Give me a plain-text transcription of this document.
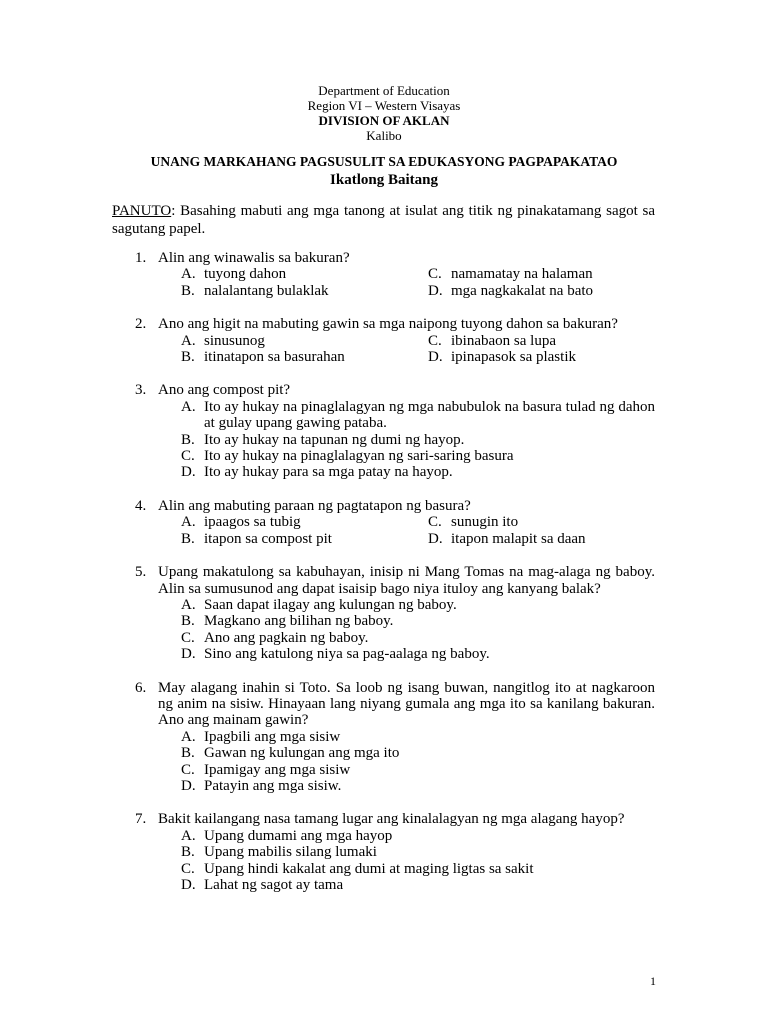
Department of Education
Region VI – Western Visayas
DIVISION OF AKLAN
Kalibo
UNANG MARKAHANG PAGSUSULIT SA EDUKASYONG PAGPAPAKATAO
Ikatlong Baitang
PANUTO: Basahing mabuti ang mga tanong at isulat ang titik ng pinakatamang sagot sa sagutang papel.
1. Alin ang winawalis sa bakuran?
A. tuyong dahon	C. namamatay na halaman
B. nalalantang bulaklak	D. mga nagkakalat na bato
2. Ano ang higit na mabuting gawin sa mga naipong tuyong dahon sa bakuran?
A. sinusunog	C. ibinabaon sa lupa
B. itinatapon sa basurahan	D. ipinapasok sa plastik
3. Ano ang compost pit?
A. Ito ay hukay na pinaglalagyan ng mga nabubulok na basura tulad ng dahon at gulay upang gawing pataba.
B. Ito ay hukay na tapunan ng dumi ng hayop.
C. Ito ay hukay na pinaglalagyan ng sari-saring basura
D. Ito ay hukay para sa mga patay na hayop.
4. Alin ang mabuting paraan ng pagtatapon ng basura?
A. ipaagos sa tubig	C. sunugin ito
B. itapon sa compost pit	D. itapon malapit sa daan
5. Upang makatulong sa kabuhayan, inisip ni Mang Tomas na mag-alaga ng baboy. Alin sa sumusunod ang dapat isaisip bago niya ituloy ang kanyang balak?
A. Saan dapat ilagay ang kulungan ng baboy.
B. Magkano ang bilihan ng baboy.
C. Ano ang pagkain ng baboy.
D. Sino ang katulong niya sa pag-aalaga ng baboy.
6. May alagang inahin si Toto. Sa loob ng isang buwan, nangitlog ito at nagkaroon ng anim na sisiw. Hinayaan lang niyang gumala ang mga ito sa kanilang bakuran. Ano ang mainam gawin?
A. Ipagbili ang mga sisiw
B. Gawan ng kulungan ang mga ito
C. Ipamigay ang mga sisiw
D. Patayin ang mga sisiw.
7. Bakit kailangang nasa tamang lugar ang kinalalagyan ng mga alagang hayop?
A. Upang dumami ang mga hayop
B. Upang mabilis silang lumaki
C. Upang hindi kakalat ang dumi at maging ligtas sa sakit
D. Lahat ng sagot ay tama
1
